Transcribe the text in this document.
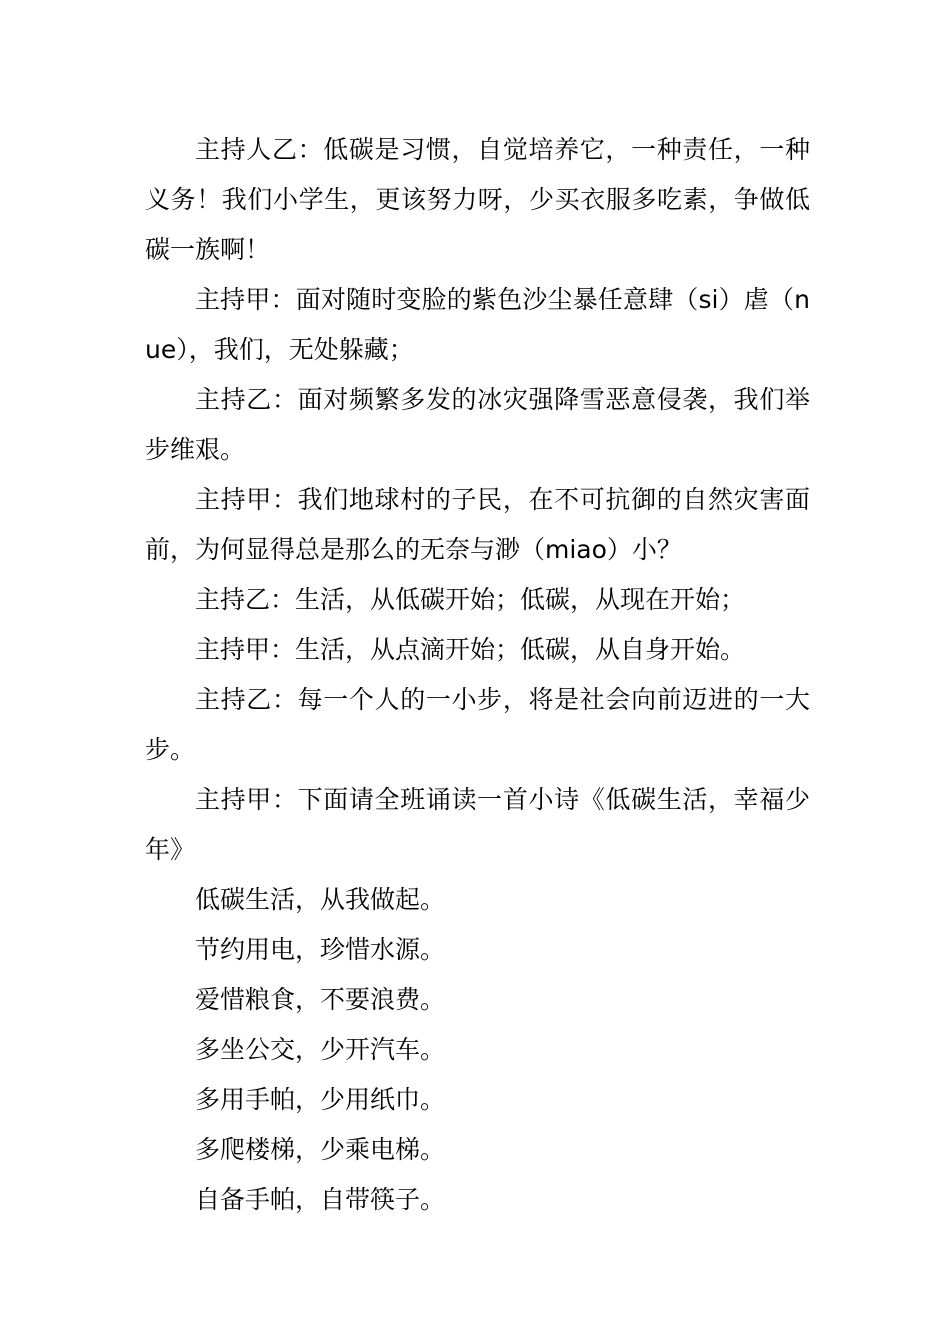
主持人乙：低碳是习惯，自觉培养它，一种责任，一种义务！我们小学生，更该努力呀，少买衣服多吃素，争做低碳一族啊！

主持甲：面对随时变脸的紫色沙尘暴任意肆（si）虐（nue），我们，无处躲藏；

主持乙：面对频繁多发的冰灾强降雪恶意侵袭，我们举步维艰。

主持甲：我们地球村的子民，在不可抗御的自然灾害面前，为何显得总是那么的无奈与渺（miao）小？

主持乙：生活，从低碳开始；低碳，从现在开始；

主持甲：生活，从点滴开始；低碳，从自身开始。

主持乙：每一个人的一小步，将是社会向前迈进的一大步。

主持甲：下面请全班诵读一首小诗《低碳生活，幸福少年》

低碳生活，从我做起。

节约用电，珍惜水源。

爱惜粮食，不要浪费。

多坐公交，少开汽车。

多用手帕，少用纸巾。

多爬楼梯，少乘电梯。

自备手帕，自带筷子。
